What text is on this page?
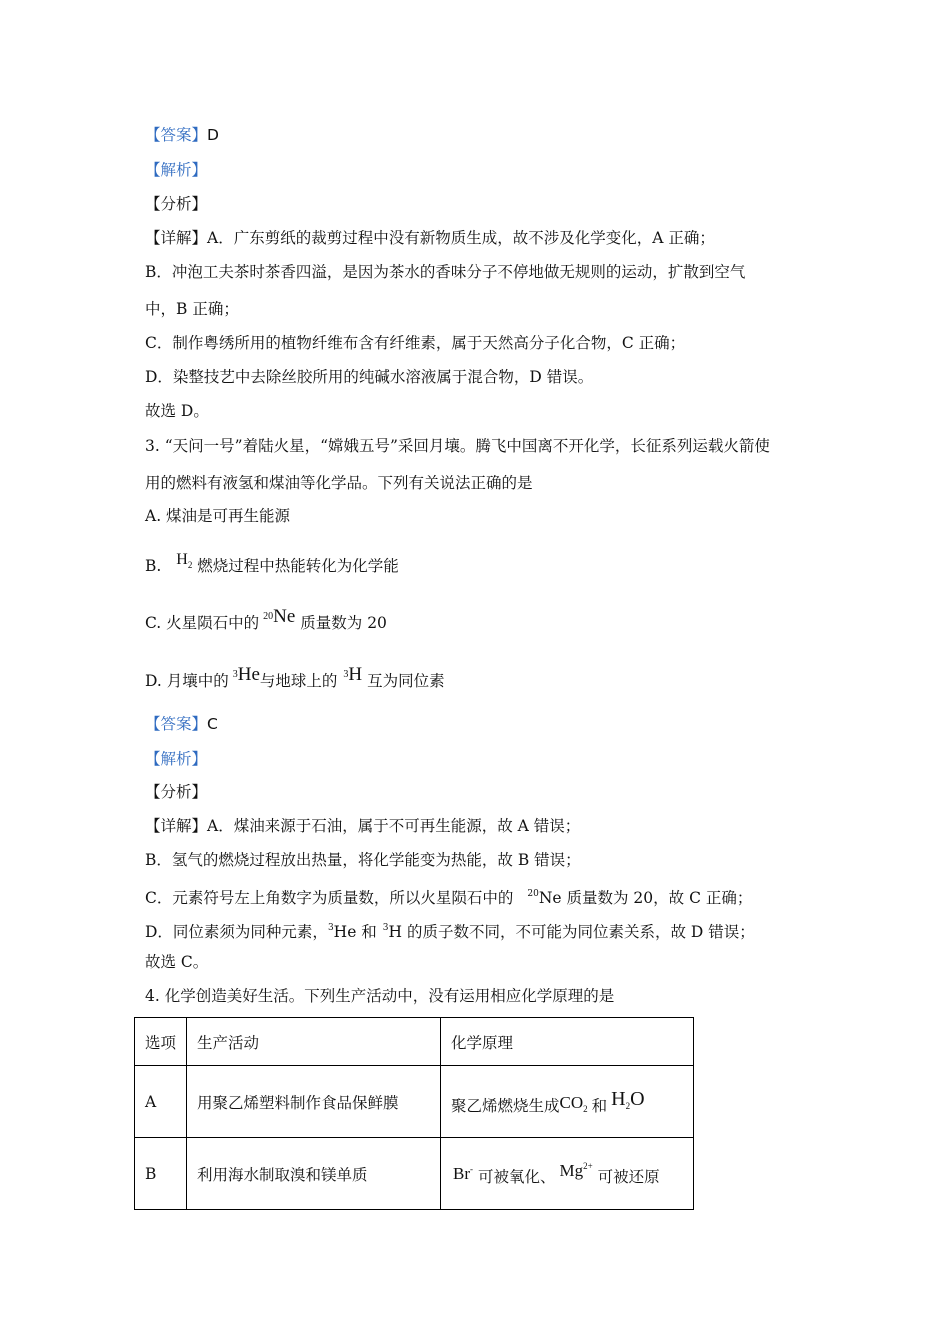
【答案】D
【解析】
【分析】
【详解】A．广东剪纸的裁剪过程中没有新物质生成，故不涉及化学变化，A 正确；
B．冲泡工夫茶时茶香四溢，是因为茶水的香味分子不停地做无规则的运动，扩散到空气
中，B 正确；
C．制作粤绣所用的植物纤维布含有纤维素，属于天然高分子化合物，C 正确；
D．染整技艺中去除丝胶所用的纯碱水溶液属于混合物，D 错误。
故选 D。
3. “天问一号”着陆火星，“嫦娥五号”采回月壤。腾飞中国离不开化学，长征系列运载火箭使
用的燃料有液氢和煤油等化学品。下列有关说法正确的是
A. 煤油是可再生能源
B. $H_2$ 燃烧过程中热能转化为化学能
C. 火星陨石中的 $^{20}$Ne 质量数为 20
D. 月壤中的 $^3$He与地球上的 $^3$H 互为同位素
【答案】C
【解析】
【分析】
【详解】A．煤油来源于石油，属于不可再生能源，故 A 错误；
B．氢气的燃烧过程放出热量，将化学能变为热能，故 B 错误；
C．元素符号左上角数字为质量数，所以火星陨石中的 $^{20}$Ne 质量数为 20，故 C 正确；
D．同位素须为同种元素，$^3$He 和 $^3$H 的质子数不同，不可能为同位素关系，故 D 错误；
故选 C。
4. 化学创造美好生活。下列生产活动中，没有运用相应化学原理的是
选项	生产活动	化学原理
A	用聚乙烯塑料制作食品保鲜膜	聚乙烯燃烧生成$CO_2$ 和 $H_2O$
B	利用海水制取溴和镁单质	Br- 可被氧化、 $Mg^{2+}$ 可被还原
